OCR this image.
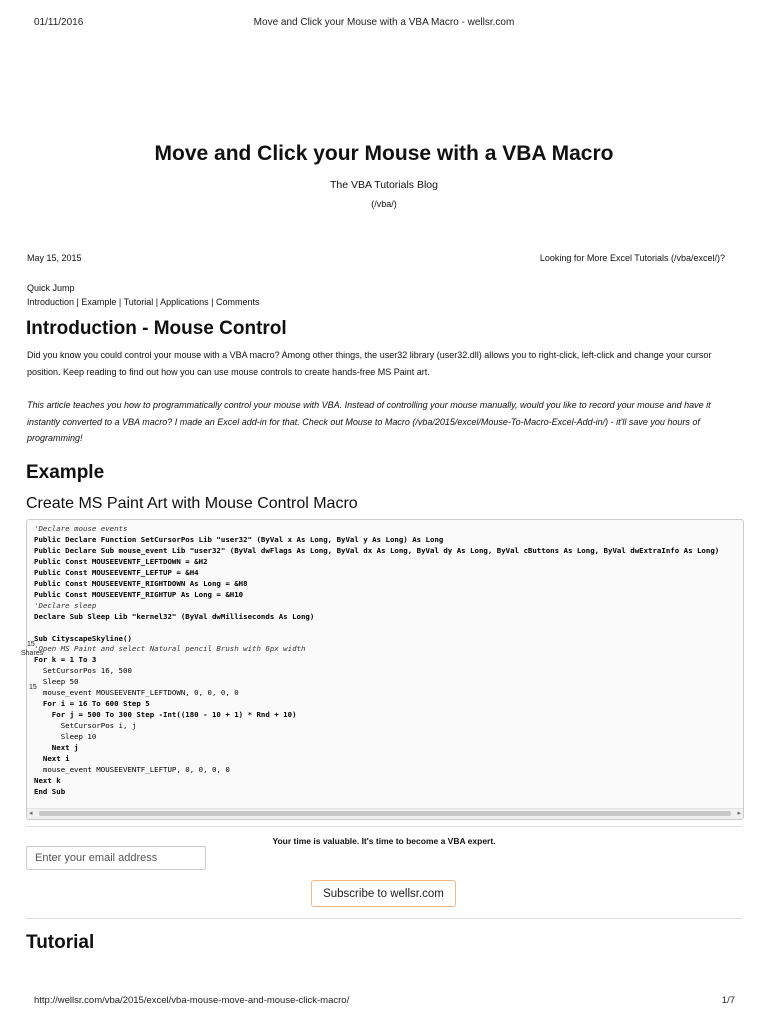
01/11/2016	Move and Click your Mouse with a VBA Macro - wellsr.com
Move and Click your Mouse with a VBA Macro
The VBA Tutorials Blog
(/vba/)
May 15, 2015	Looking for More Excel Tutorials (/vba/excel/)?
Quick Jump
Introduction | Example | Tutorial | Applications | Comments
Introduction - Mouse Control
Did you know you could control your mouse with a VBA macro? Among other things, the user32 library (user32.dll) allows you to right-click, left-click and change your cursor position. Keep reading to find out how you can use mouse controls to create hands-free MS Paint art.
This article teaches you how to programmatically control your mouse with VBA. Instead of controlling your mouse manually, would you like to record your mouse and have it instantly converted to a VBA macro? I made an Excel add-in for that. Check out Mouse to Macro (/vba/2015/excel/Mouse-To-Macro-Excel-Add-in/) - it'll save you hours of programming!
Example
Create MS Paint Art with Mouse Control Macro
'Declare mouse events
Public Declare Function SetCursorPos Lib "user32" (ByVal x As Long, ByVal y As Long) As Long
Public Declare Sub mouse_event Lib "user32" (ByVal dwFlags As Long, ByVal dx As Long, ByVal dy As Long, ByVal cButtons As Long, ByVal dwExtraInfo As Long)
Public Const MOUSEEVENTF_LEFTDOWN = &H2
Public Const MOUSEEVENTF_LEFTUP = &H4
Public Const MOUSEEVENTF_RIGHTDOWN As Long = &H8
Public Const MOUSEEVENTF_RIGHTUP As Long = &H10
'Declare sleep
Declare Sub Sleep Lib "kernel32" (ByVal dwMilliseconds As Long)

Sub CityscapeSkyline()
'Open MS Paint and select Natural pencil Brush with 6px width
For k = 1 To 3
SetCursorPos 16, 500
Sleep 50
mouse_event MOUSEEVENTF_LEFTDOWN, 0, 0, 0, 0
For i = 16 To 600 Step 5
For j = 500 To 300 Step -Int((180 - 10 + 1) * Rnd + 10)
SetCursorPos i, j
Sleep 10
Next j
Next i
mouse_event MOUSEEVENTF_LEFTUP, 0, 0, 0, 0
Next k
End Sub

◂	▸
15
Shares
15
Your time is valuable. It's time to become a VBA expert.
Enter your email address
Subscribe to wellsr.com
Tutorial
http://wellsr.com/vba/2015/excel/vba-mouse-move-and-mouse-click-macro/	1/7
